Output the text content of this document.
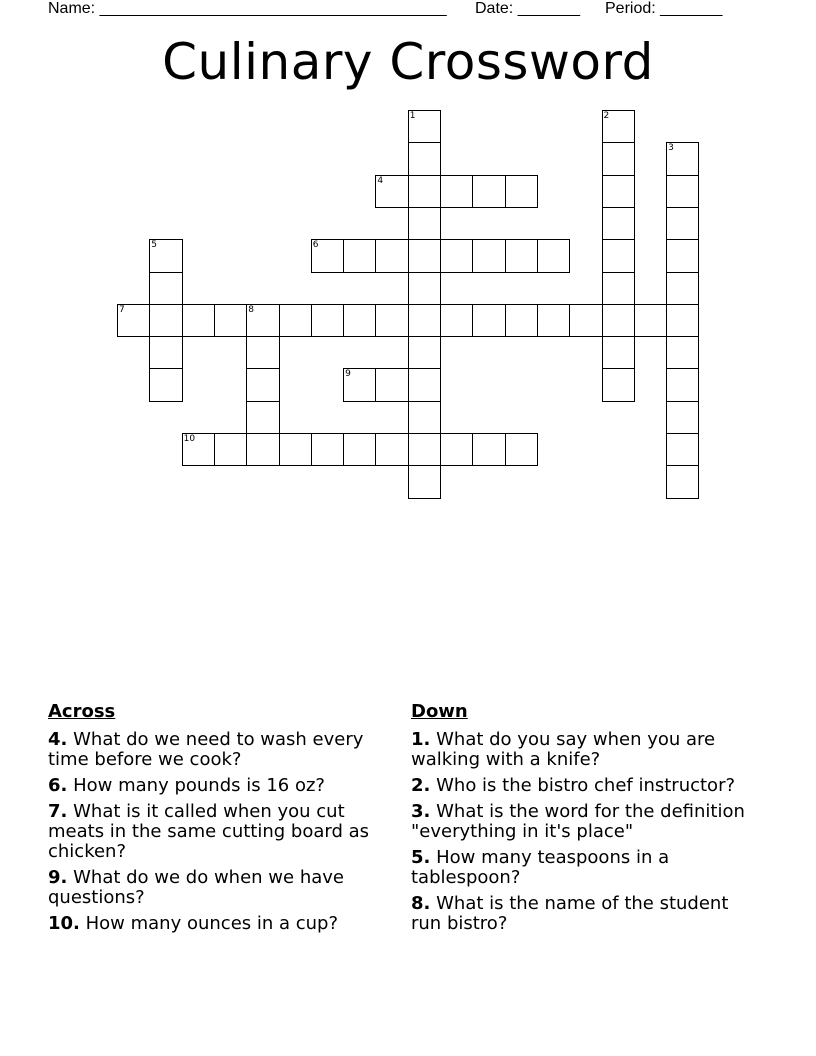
Name: _______________________________________ Date: _______ Period: _______
Culinary Crossword
1	2
3
4
5	6
7	8
9
10
Across
4. What do we need to wash every time before we cook?
6. How many pounds is 16 oz?
7. What is it called when you cut meats in the same cutting board as chicken?
9. What do we do when we have questions?
10. How many ounces in a cup?
Down
1. What do you say when you are walking with a knife?
2. Who is the bistro chef instructor?
3. What is the word for the definition "everything in it's place"
5. How many teaspoons in a tablespoon?
8. What is the name of the student run bistro?
